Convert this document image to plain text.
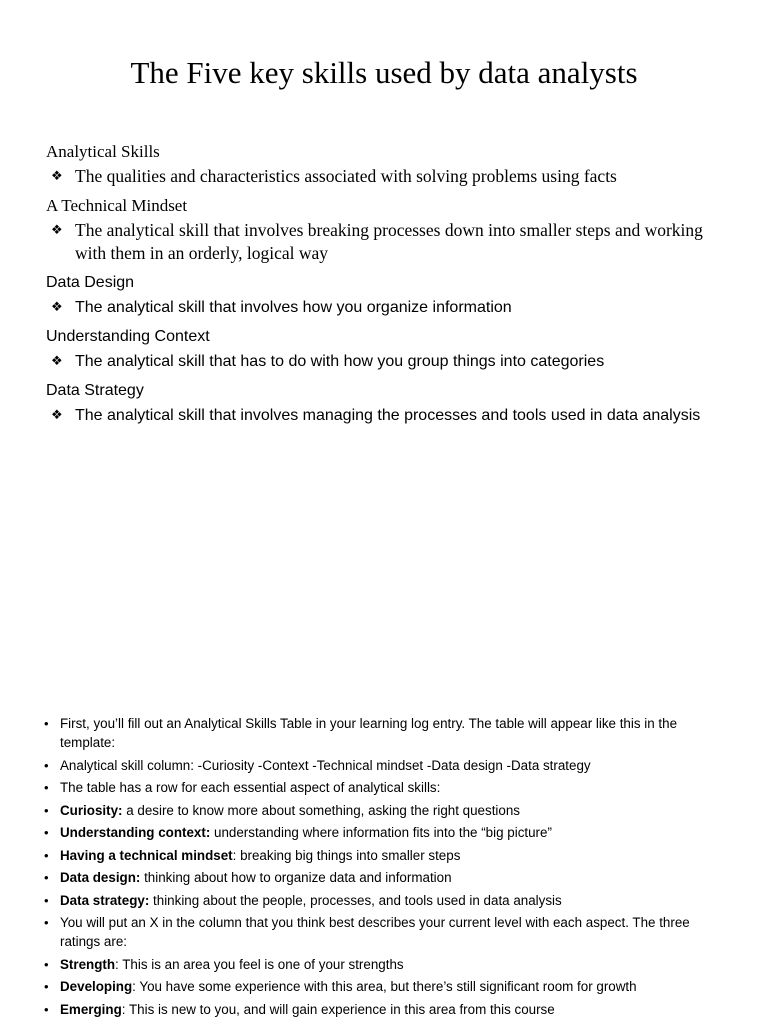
The Five key skills used by data analysts
Analytical Skills
❖ The qualities and characteristics associated with solving problems using facts
A Technical Mindset
❖ The analytical skill that involves breaking processes down into smaller steps and working with them in an orderly, logical way
Data Design
❖ The analytical skill that involves how you organize information
Understanding Context
❖ The analytical skill that has to do with how you group things into categories
Data Strategy
❖ The analytical skill that involves managing the processes and tools used in data analysis
• First, you’ll fill out an Analytical Skills Table in your learning log entry. The table will appear like this in the template:
• Analytical skill column: -Curiosity -Context -Technical mindset -Data design -Data strategy
• The table has a row for each essential aspect of analytical skills:
• Curiosity: a desire to know more about something, asking the right questions
• Understanding context: understanding where information fits into the “big picture”
• Having a technical mindset: breaking big things into smaller steps
• Data design: thinking about how to organize data and information
• Data strategy: thinking about the people, processes, and tools used in data analysis
• You will put an X in the column that you think best describes your current level with each aspect. The three ratings are:
• Strength: This is an area you feel is one of your strengths
• Developing: You have some experience with this area, but there’s still significant room for growth
• Emerging: This is new to you, and will gain experience in this area from this course
